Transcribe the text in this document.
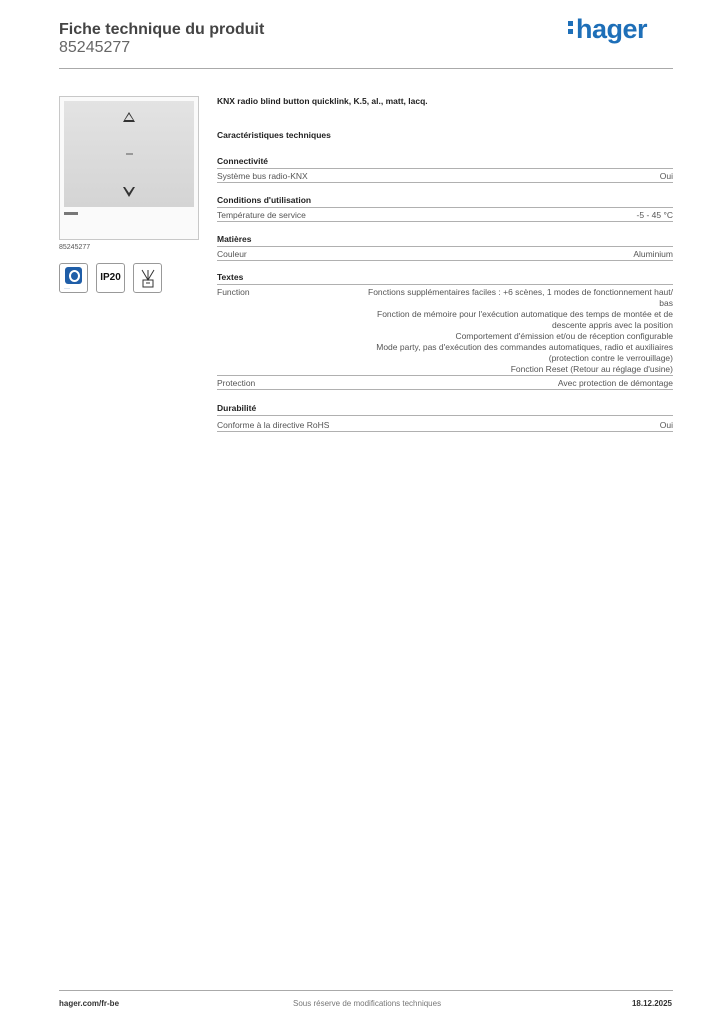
Fiche technique du produit
85245277
hager
85245277
⋯⋯
IP20
KNX radio blind button quicklink, K.5, al., matt, lacq.
Caractéristiques techniques
Connectivité
Système bus radio-KNX	Oui
Conditions d'utilisation
Température de service	-5 - 45 °C
Matières
Couleur	Aluminium
Textes
Function	Fonctions supplémentaires faciles : +6 scènes, 1 modes de fonctionnement haut/
bas
Fonction de mémoire pour l'exécution automatique des temps de montée et de
descente appris avec la position
Comportement d'émission et/ou de réception configurable
Mode party, pas d'exécution des commandes automatiques, radio et auxiliaires
(protection contre le verrouillage)
Fonction Reset (Retour au réglage d'usine)
Protection	Avec protection de démontage
Durabilité
Conforme à la directive RoHS	Oui
hager.com/fr-be	Sous réserve de modifications techniques	18.12.2025
